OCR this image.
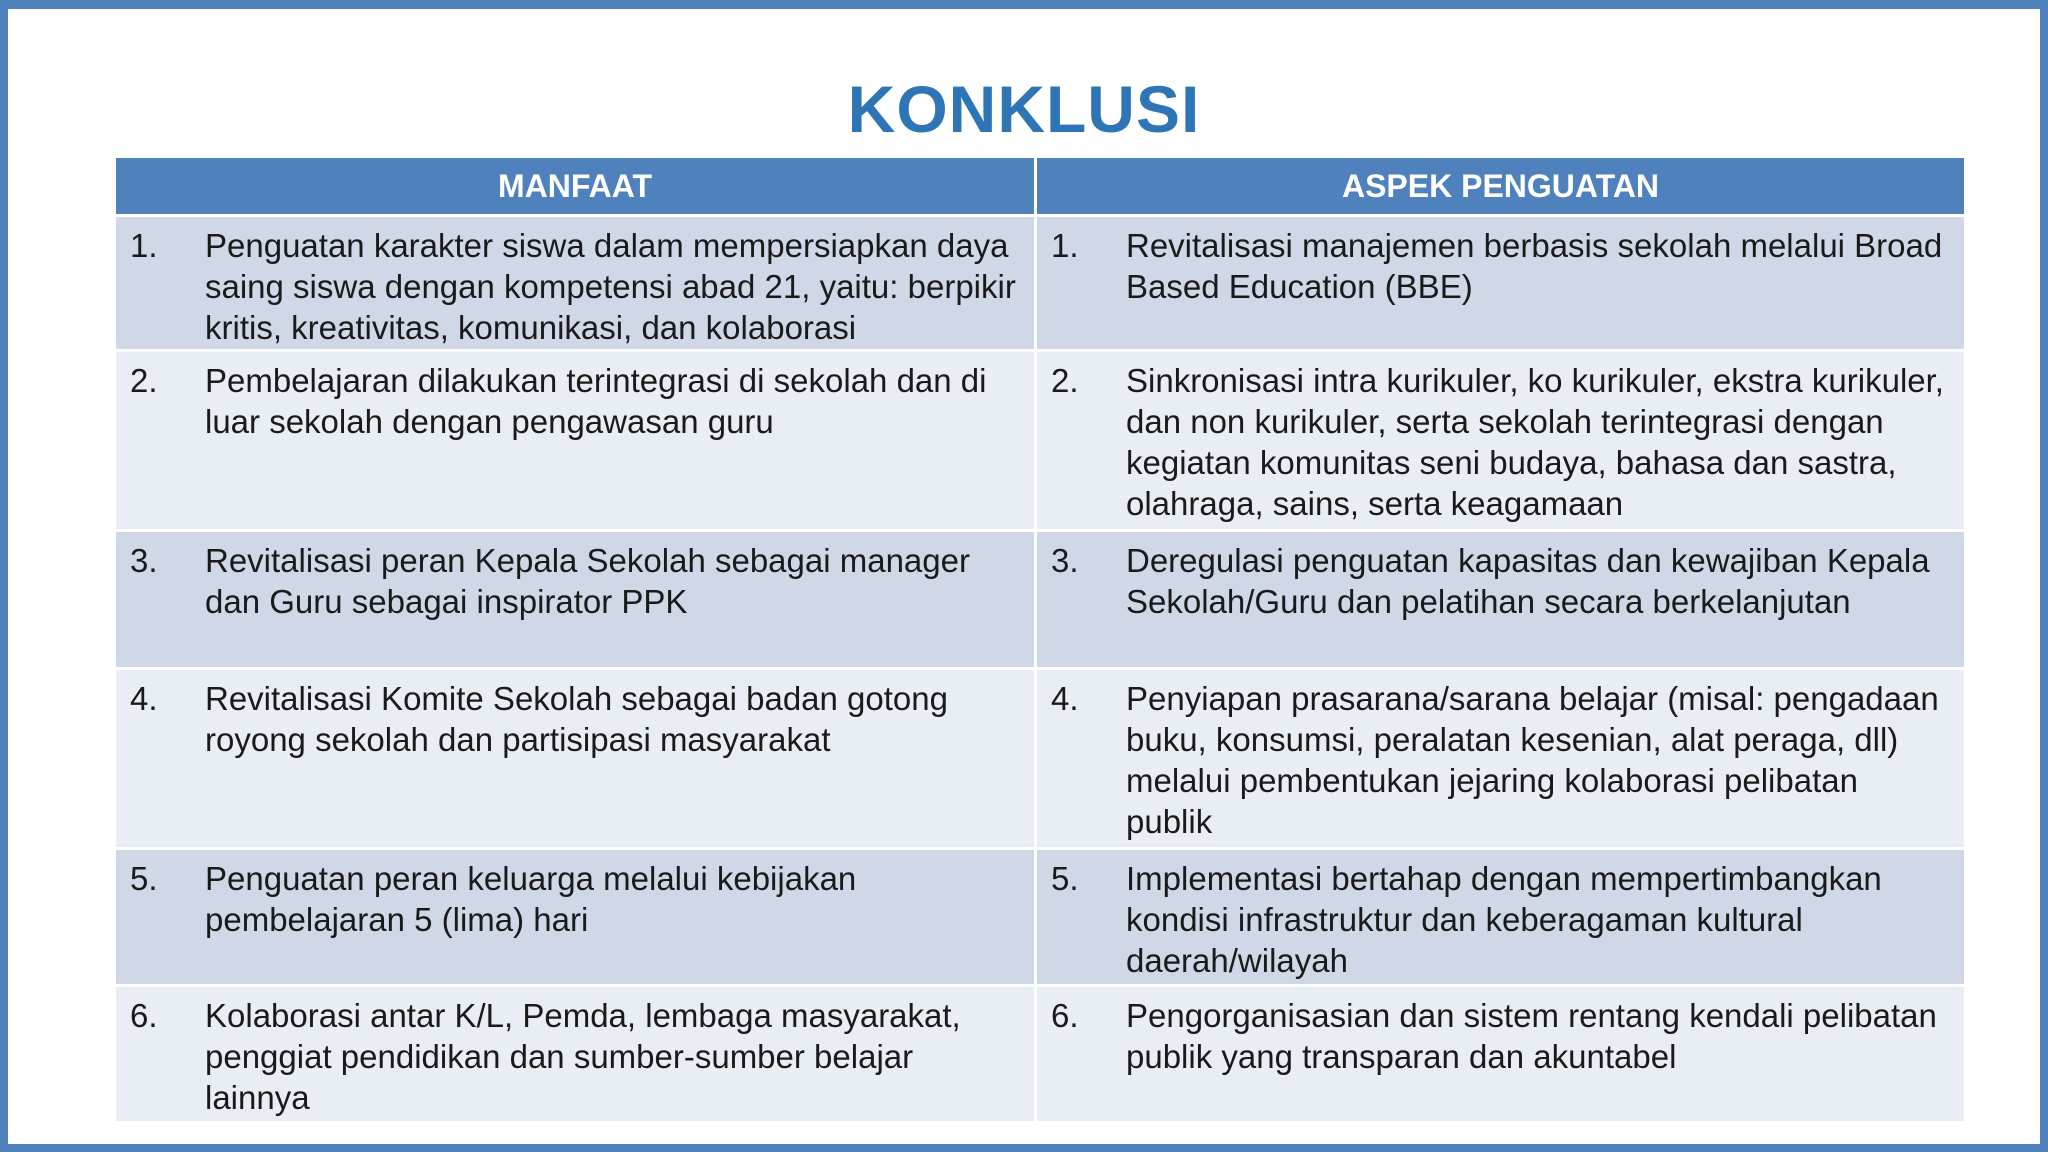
KONKLUSI
MANFAAT	ASPEK PENGUATAN

1. Penguatan karakter siswa dalam mempersiapkan daya saing siswa dengan kompetensi abad 21, yaitu: berpikir kritis, kreativitas, komunikasi, dan kolaborasi	1. Revitalisasi manajemen berbasis sekolah melalui Broad Based Education (BBE)

2. Pembelajaran dilakukan terintegrasi di sekolah dan di luar sekolah dengan pengawasan guru	2. Sinkronisasi intra kurikuler, ko kurikuler, ekstra kurikuler, dan non kurikuler, serta sekolah terintegrasi dengan kegiatan komunitas seni budaya, bahasa dan sastra, olahraga, sains, serta keagamaan

3. Revitalisasi peran Kepala Sekolah sebagai manager dan Guru sebagai inspirator PPK	3. Deregulasi penguatan kapasitas dan kewajiban Kepala Sekolah/Guru dan pelatihan secara berkelanjutan

4. Revitalisasi Komite Sekolah sebagai badan gotong royong sekolah dan partisipasi masyarakat	4. Penyiapan prasarana/sarana belajar (misal: pengadaan buku, konsumsi, peralatan kesenian, alat peraga, dll) melalui pembentukan jejaring kolaborasi pelibatan publik

5. Penguatan peran keluarga melalui kebijakan pembelajaran 5 (lima) hari	5. Implementasi bertahap dengan mempertimbangkan kondisi infrastruktur dan keberagaman kultural daerah/wilayah

6. Kolaborasi antar K/L, Pemda, lembaga masyarakat, penggiat pendidikan dan sumber-sumber belajar lainnya	6. Pengorganisasian dan sistem rentang kendali pelibatan publik yang transparan dan akuntabel
